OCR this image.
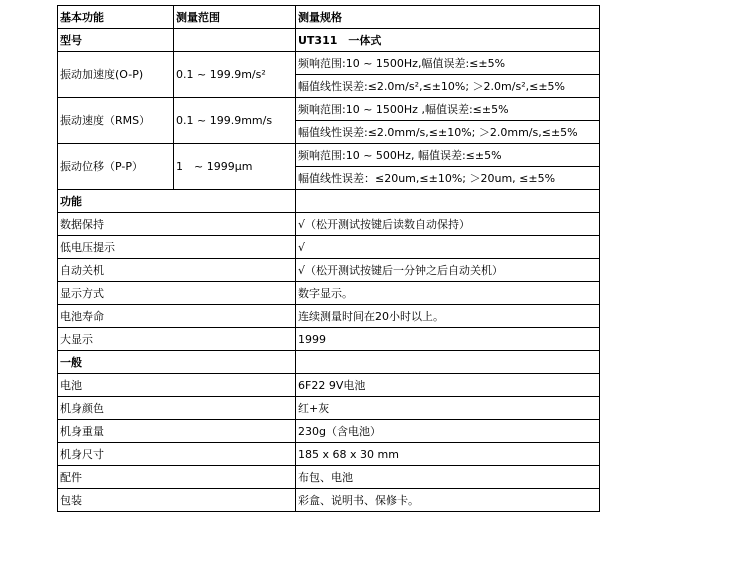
基本功能	测量范围	测量规格
型号		UT311　一体式
振动加速度(O-P)	0.1 ~ 199.9m/s²	频响范围:10 ~ 1500Hz,幅值误差:≤±5%
		幅值线性误差:≤2.0m/s²,≤±10%; ＞2.0m/s²,≤±5%
振动速度（RMS）	0.1 ~ 199.9mm/s	频响范围:10 ~ 1500Hz ,幅值误差:≤±5%
		幅值线性误差:≤2.0mm/s,≤±10%; ＞2.0mm/s,≤±5%
振动位移（P-P）	1　~ 1999μm	频响范围:10 ~ 500Hz, 幅值误差:≤±5%
		幅值线性误差：≤20um,≤±10%; ＞20um, ≤±5%
功能		
数据保持		√（松开测试按键后读数自动保持）
低电压提示		√
自动关机		√（松开测试按键后一分钟之后自动关机）
显示方式		数字显示。
电池寿命		连续测量时间在20小时以上。
大显示		1999
一般		
电池		6F22 9V电池
机身颜色		红+灰
机身重量		230g（含电池）
机身尺寸		185 x 68 x 30 mm
配件		布包、电池
包装		彩盒、说明书、保修卡。
